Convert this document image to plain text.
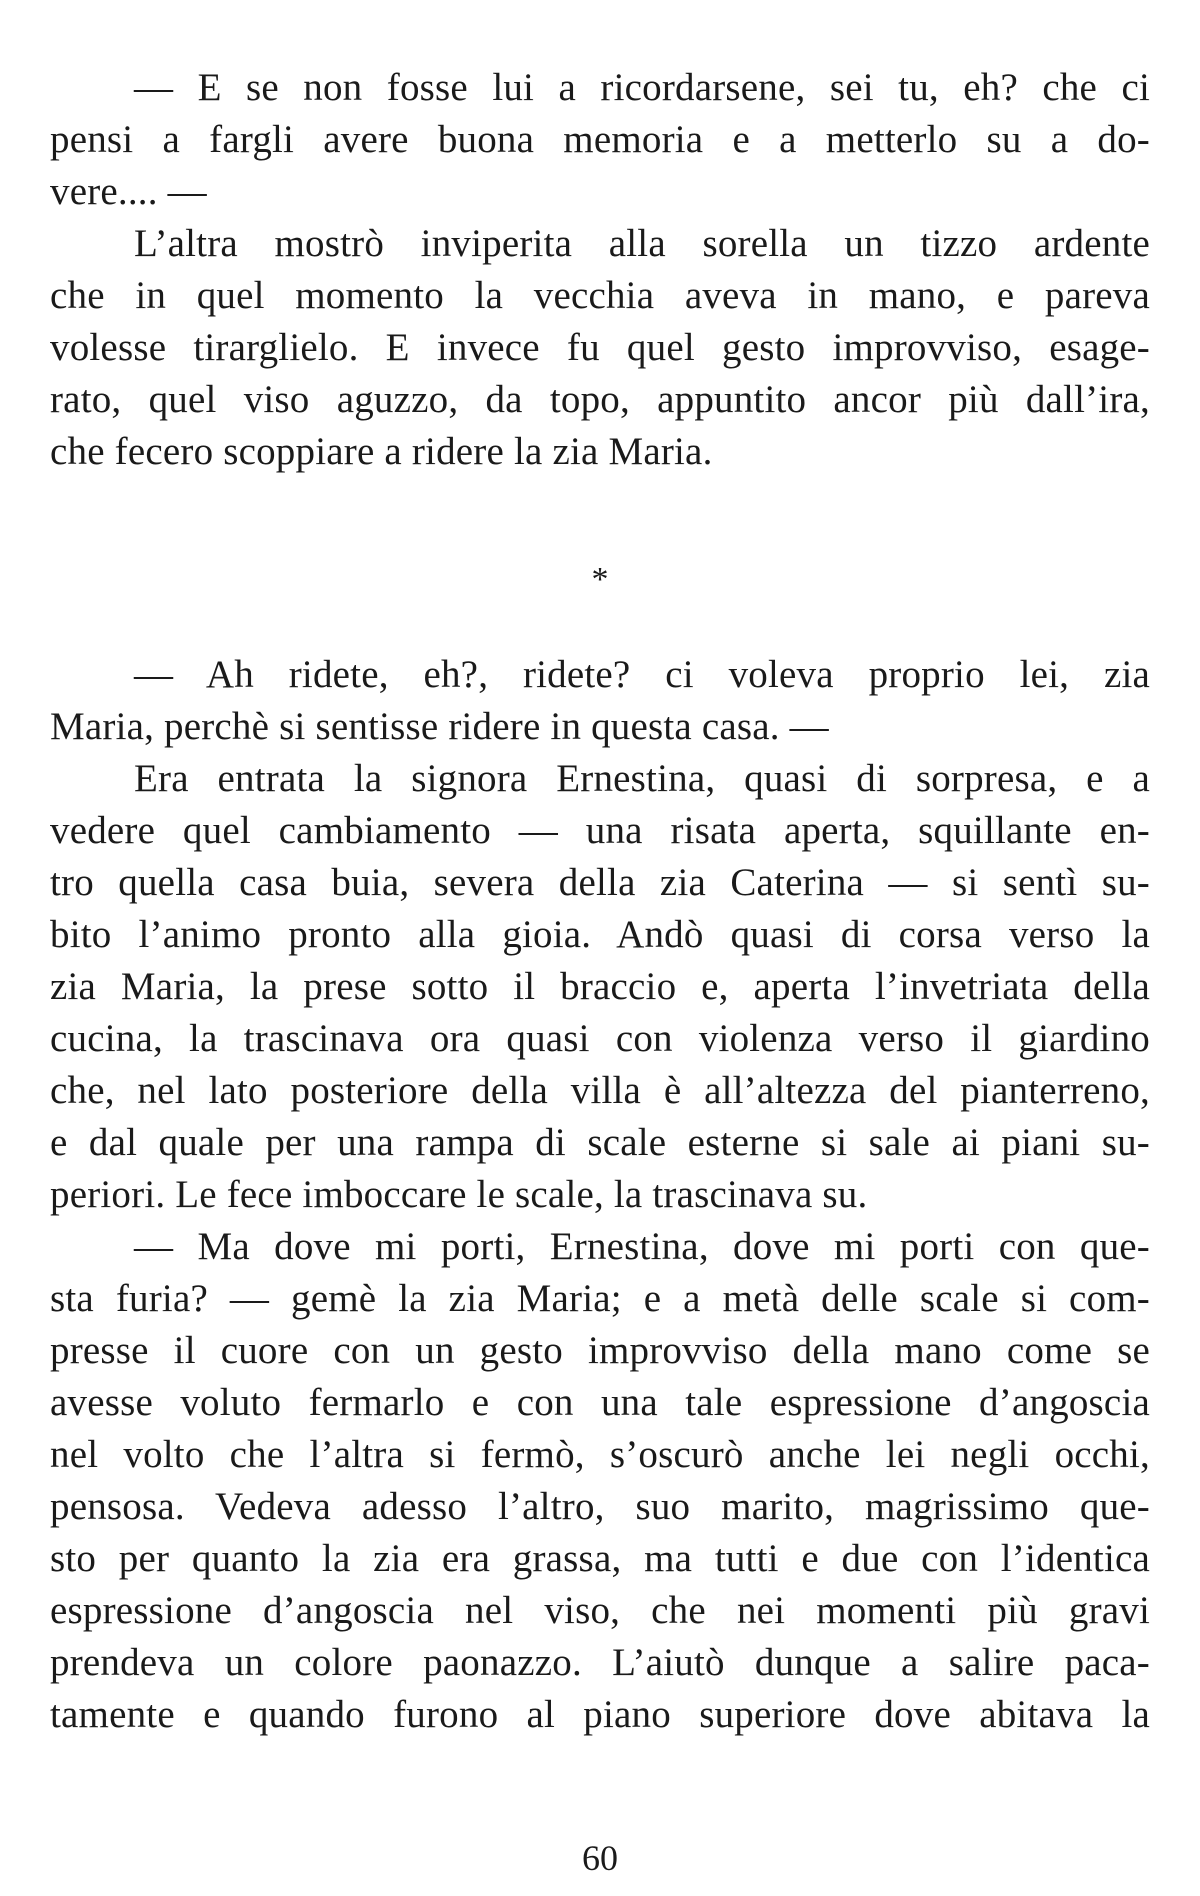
— E se non fosse lui a ricordarsene, sei tu, eh? che ci
pensi a fargli avere buona memoria e a metterlo su a do-
vere.... —
L’altra mostrò inviperita alla sorella un tizzo ardente
che in quel momento la vecchia aveva in mano, e pareva
volesse tirarglielo. E invece fu quel gesto improvviso, esage-
rato, quel viso aguzzo, da topo, appuntito ancor più dall’ira,
che fecero scoppiare a ridere la zia Maria.
*
— Ah ridete, eh?, ridete? ci voleva proprio lei, zia
Maria, perchè si sentisse ridere in questa casa. —
Era entrata la signora Ernestina, quasi di sorpresa, e a
vedere quel cambiamento — una risata aperta, squillante en-
tro quella casa buia, severa della zia Caterina — si sentì su-
bito l’animo pronto alla gioia. Andò quasi di corsa verso la
zia Maria, la prese sotto il braccio e, aperta l’invetriata della
cucina, la trascinava ora quasi con violenza verso il giardino
che, nel lato posteriore della villa è all’altezza del pianterreno,
e dal quale per una rampa di scale esterne si sale ai piani su-
periori. Le fece imboccare le scale, la trascinava su.
— Ma dove mi porti, Ernestina, dove mi porti con que-
sta furia? — gemè la zia Maria; e a metà delle scale si com-
presse il cuore con un gesto improvviso della mano come se
avesse voluto fermarlo e con una tale espressione d’angoscia
nel volto che l’altra si fermò, s’oscurò anche lei negli occhi,
pensosa. Vedeva adesso l’altro, suo marito, magrissimo que-
sto per quanto la zia era grassa, ma tutti e due con l’identica
espressione d’angoscia nel viso, che nei momenti più gravi
prendeva un colore paonazzo. L’aiutò dunque a salire paca-
tamente e quando furono al piano superiore dove abitava la
60
